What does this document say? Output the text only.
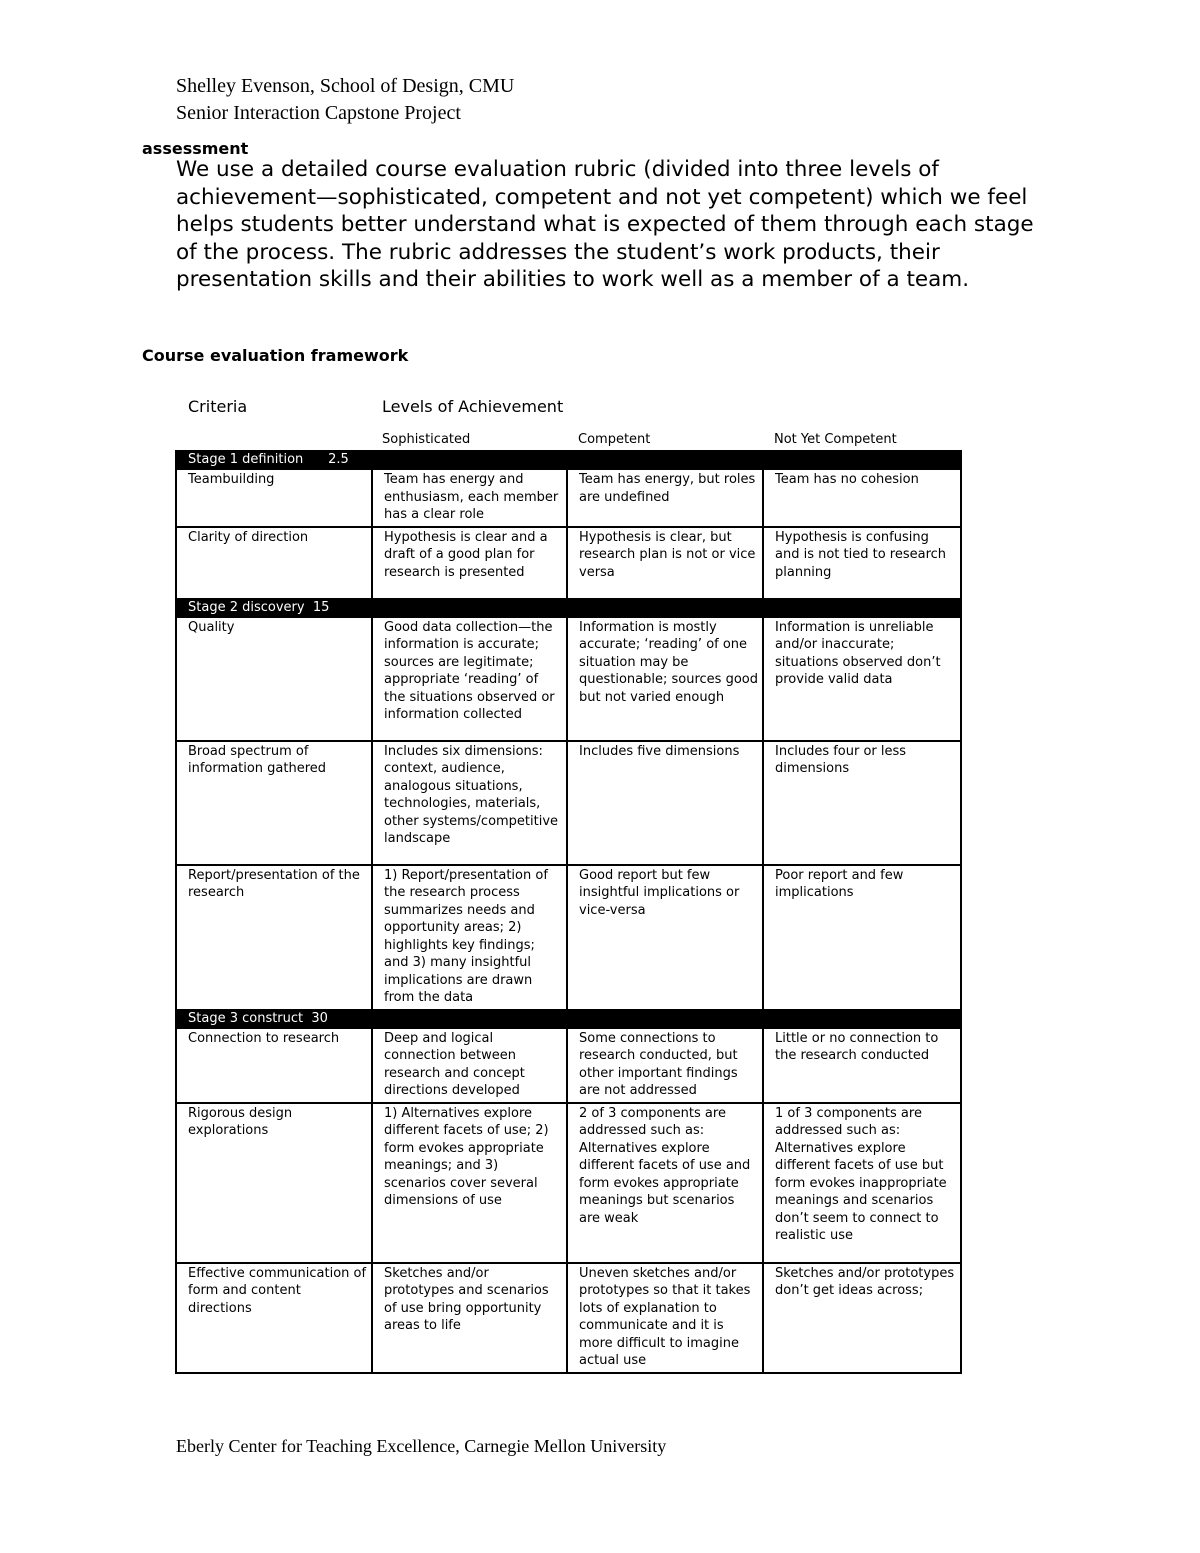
Shelley Evenson, School of Design, CMU
Senior Interaction Capstone Project
assessment
We use a detailed course evaluation rubric (divided into three levels of achievement—sophisticated, competent and not yet competent) which we feel helps students better understand what is expected of them through each stage of the process. The rubric addresses the student’s work products, their presentation skills and their abilities to work well as a member of a team.
Course evaluation framework
Criteria	Levels of Achievement
Sophisticated	Competent	Not Yet Competent
Stage 1 definition      2.5			
Teambuilding	Team has energy and enthusiasm, each member has a clear role	Team has energy, but roles are undefined	Team has no cohesion
Clarity of direction	Hypothesis is clear and a draft of a good plan for research is presented	Hypothesis is clear, but research plan is not or vice versa	Hypothesis is confusing and is not tied to research planning
Stage 2 discovery  15			
Quality	Good data collection—the information is accurate; sources are legitimate; appropriate ‘reading’ of the situations observed or information collected	Information is mostly accurate; ‘reading’ of one situation may be questionable; sources good but not varied enough	Information is unreliable and/or inaccurate; situations observed don’t provide valid data
Broad spectrum of information gathered	Includes six dimensions: context, audience, analogous situations, technologies, materials, other systems/competitive landscape	Includes five dimensions	Includes four or less dimensions
Report/presentation of the research	1) Report/presentation of the research process summarizes needs and opportunity areas; 2) highlights key findings; and 3) many insightful implications are drawn from the data	Good report but few insightful implications or vice-versa	Poor report and few implications
Stage 3 construct  30			
Connection to research	Deep and logical connection between research and concept directions developed	Some connections to research conducted, but other important findings are not addressed	Little or no connection to the research conducted
Rigorous design explorations	1) Alternatives explore different facets of use; 2) form evokes appropriate meanings; and 3) scenarios cover several dimensions of use	2 of 3 components are addressed such as: Alternatives explore different facets of use and form evokes appropriate meanings but scenarios are weak	1 of 3 components are addressed such as: Alternatives explore different facets of use but form evokes inappropriate meanings and scenarios don’t seem to connect to realistic use
Effective communication of form and content directions	Sketches and/or prototypes and scenarios of use bring opportunity areas to life	Uneven sketches and/or prototypes so that it takes lots of explanation to communicate and it is more difficult to imagine actual use	Sketches and/or prototypes don’t get ideas across;
Eberly Center for Teaching Excellence, Carnegie Mellon University
